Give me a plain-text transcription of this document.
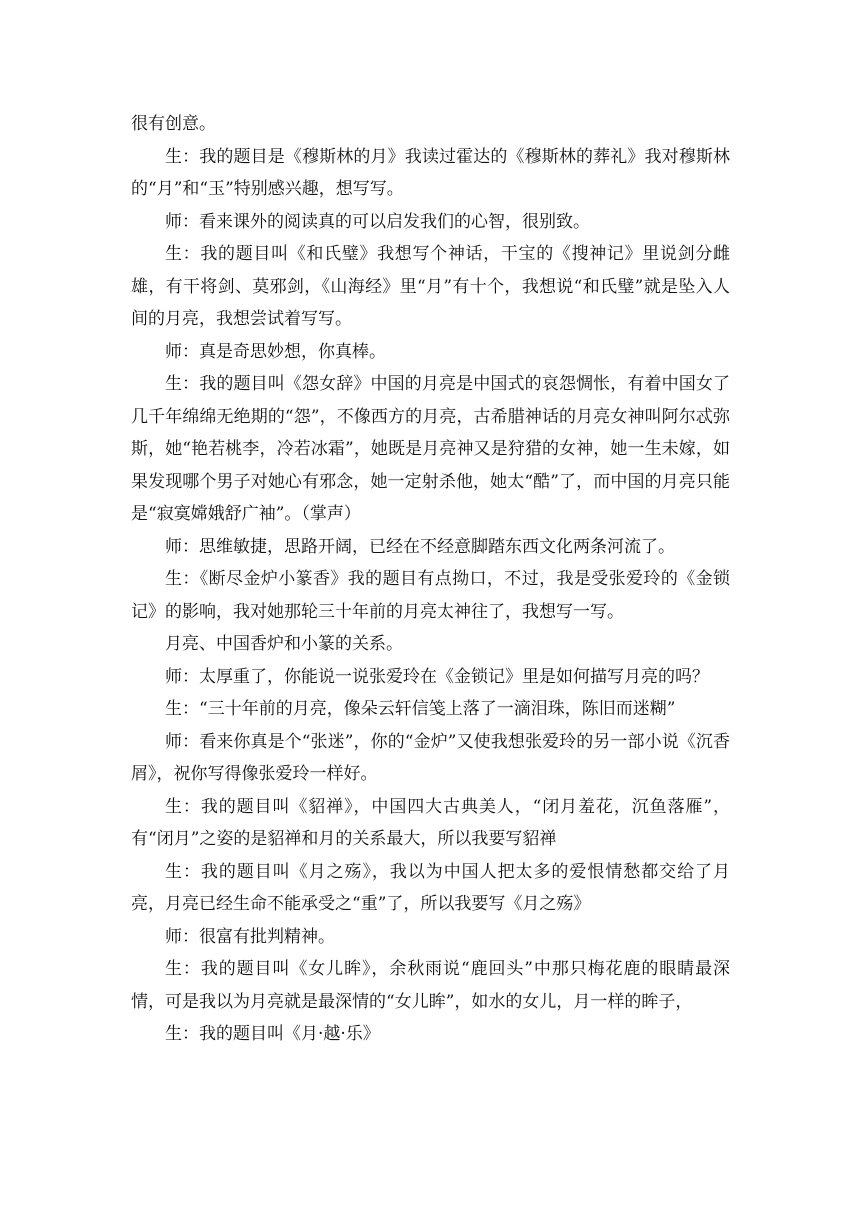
很有创意。

生：我的题目是《穆斯林的月》我读过霍达的《穆斯林的葬礼》我对穆斯林的“月”和“玉”特别感兴趣，想写写。

师：看来课外的阅读真的可以启发我们的心智，很别致。

生：我的题目叫《和氏璧》我想写个神话，干宝的《搜神记》里说剑分雌雄，有干将剑、莫邪剑，《山海经》里“月”有十个，我想说“和氏璧”就是坠入人间的月亮，我想尝试着写写。

师：真是奇思妙想，你真棒。

生：我的题目叫《怨女辞》中国的月亮是中国式的哀怨惆怅，有着中国女了几千年绵绵无绝期的“怨”，不像西方的月亮，古希腊神话的月亮女神叫阿尔忒弥斯，她“艳若桃李，冷若冰霜”，她既是月亮神又是狩猎的女神，她一生未嫁，如果发现哪个男子对她心有邪念，她一定射杀他，她太“酷”了，而中国的月亮只能是“寂寞嫦娥舒广袖”。（掌声）

师：思维敏捷，思路开阔，已经在不经意脚踏东西文化两条河流了。

生：《断尽金炉小篆香》我的题目有点拗口，不过，我是受张爱玲的《金锁记》的影响，我对她那轮三十年前的月亮太神往了，我想写一写。

月亮、中国香炉和小篆的关系。

师：太厚重了，你能说一说张爱玲在《金锁记》里是如何描写月亮的吗？

生：“三十年前的月亮，像朵云轩信笺上落了一滴泪珠，陈旧而迷糊”

师：看来你真是个“张迷”，你的“金炉”又使我想张爱玲的另一部小说《沉香屑》，祝你写得像张爱玲一样好。

生：我的题目叫《貂禅》，中国四大古典美人，“闭月羞花，沉鱼落雁”，有“闭月”之姿的是貂禅和月的关系最大，所以我要写貂禅

生：我的题目叫《月之殇》，我以为中国人把太多的爱恨情愁都交给了月亮，月亮已经生命不能承受之“重”了，所以我要写《月之殇》

师：很富有批判精神。

生：我的题目叫《女儿眸》，余秋雨说“鹿回头”中那只梅花鹿的眼睛最深情，可是我以为月亮就是最深情的“女儿眸”，如水的女儿，月一样的眸子，

生：我的题目叫《月·越·乐》
